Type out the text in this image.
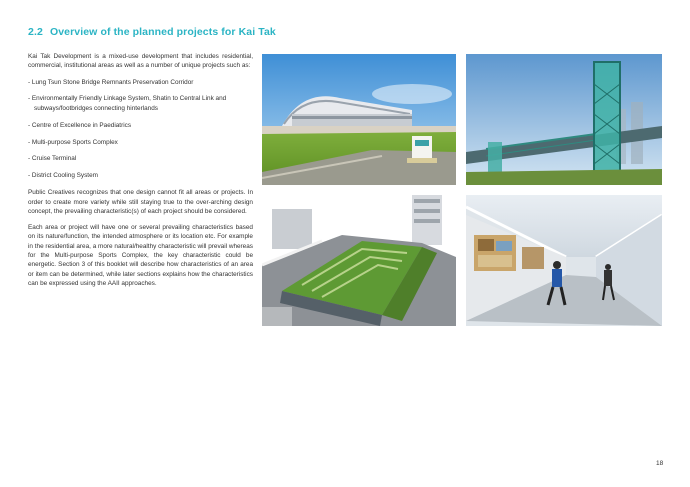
2.2 Overview of the planned projects for Kai Tak

Kai Tak Development is a mixed-use development that includes residential, commercial, institutional areas as well as a number of unique projects such as:

- Lung Tsun Stone Bridge Remnants Preservation Corridor
- Environmentally Friendly Linkage System, Shatin to Central Link and subways/footbridges connecting hinterlands
- Centre of Excellence in Paediatrics
- Multi-purpose Sports Complex
- Cruise Terminal
- District Cooling System

Public Creatives recognizes that one design cannot fit all areas or projects. In order to create more variety while still staying true to the over-arching design concept, the prevailing characteristic(s) of each project should be considered.

Each area or project will have one or several prevailing characteristics based on its nature/function, the intended atmosphere or its location etc. For example in the residential area, a more natural/healthy characteristic will prevail whereas for the Multi-purpose Sports Complex, the key characteristic could be energetic. Section 3 of this booklet will describe how characteristics of an area or item can be determined, while later sections explains how the characteristics can be expressed using the AAII approaches.

18
